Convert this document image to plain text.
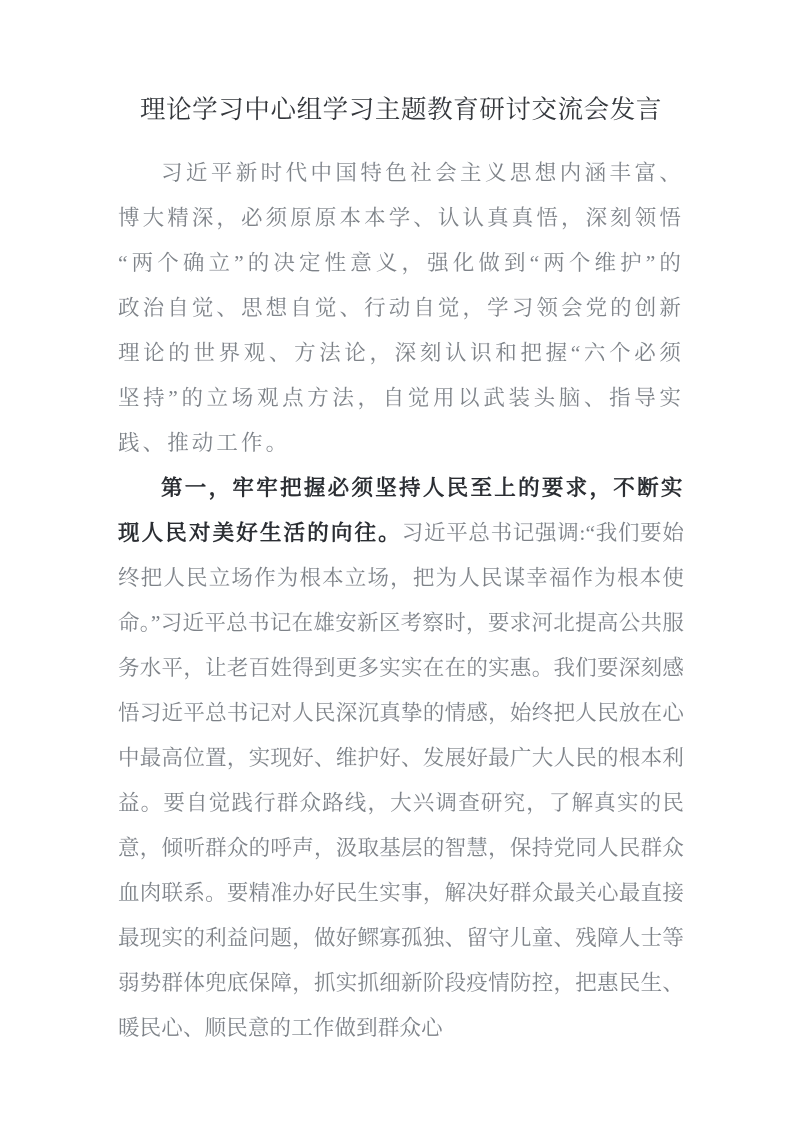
理论学习中心组学习主题教育研讨交流会发言

习近平新时代中国特色社会主义思想内涵丰富、博大精深，必须原原本本学、认认真真悟，深刻领悟“两个确立”的决定性意义，强化做到“两个维护”的政治自觉、思想自觉、行动自觉，学习领会党的创新理论的世界观、方法论，深刻认识和把握“六个必须坚持”的立场观点方法，自觉用以武装头脑、指导实践、推动工作。

第一，牢牢把握必须坚持人民至上的要求，不断实现人民对美好生活的向往。习近平总书记强调:“我们要始终把人民立场作为根本立场，把为人民谋幸福作为根本使命。”习近平总书记在雄安新区考察时，要求河北提高公共服务水平，让老百姓得到更多实实在在的实惠。我们要深刻感悟习近平总书记对人民深沉真挚的情感，始终把人民放在心中最高位置，实现好、维护好、发展好最广大人民的根本利益。要自觉践行群众路线，大兴调查研究，了解真实的民意，倾听群众的呼声，汲取基层的智慧，保持党同人民群众血肉联系。要精准办好民生实事，解决好群众最关心最直接最现实的利益问题，做好鳏寡孤独、留守儿童、残障人士等弱势群体兜底保障，抓实抓细新阶段疫情防控，把惠民生、暖民心、顺民意的工作做到群众心
